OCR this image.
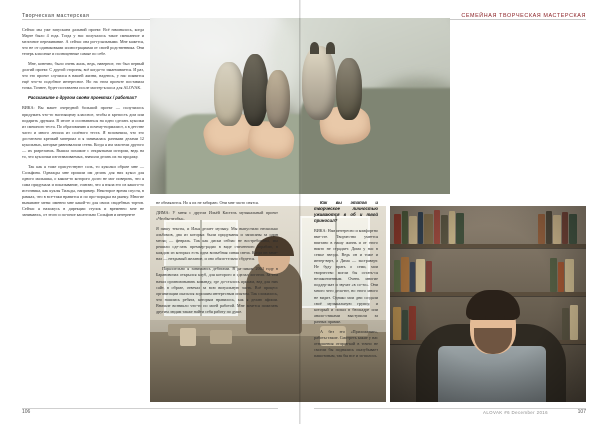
Творческая мастерская	СЕМЕЙНАЯ ТВОРЧЕСКАЯ МАСТЕРСКАЯ

Сейчас мы уже запускаем дальний проект. Всё начиналось, когда Марте было 4 года. Тогда у нас получалось такое смешанное и мелочное переживание. А сейчас она ри-гуляльными. Мне кажется, что не от одинаковыми иллюстрациями от своей родственника. Они теперь классные и полноценные самые по себе.

Мне, конечно, было очень жаль, ведь, наверное, это был первый долгий проект. С другой стороны, всё когда-то заканчивается. И раз, что это проект случился в нашей жизни, надеюсь, у нас появится ещё что-то подобное интересное. Но на этом проекте поставила точка. Точнее, будет поставлена после мастер-класса для ALOVAK.

Расскажите о другом своём проектах / работах?

ВИКА: Вы макет очередной большой проект — получилось придумать что-то настоящему классное, чтобы и крепость дом или подарить друзьям. В итоге и осознаваться на идеи сделать куколки из смешного теста. По образованию я почему-нормалист, а в детстве часто и много лепила из солёного теста. Я вспомнила, что это достаточно крепкий материал и я занималась разными делами 12 кукольных, которые равновалили стена. Когда я им захотели другого — их разрезаешь. Вышла похожие с открытками истории, ведь на то, что куклочки изготавливаемых, значили делать их на продажу.

Так как я тоже присутствуют соль, то куколки образе мне — Сольфина. Однажды мне пришли им делать для них кукол для одного малышка, о каком-то которого долго не мог поверить, что я сама придумала и показывание, считаю, что я взяла его из какого-то источника, как куклы Тильды, например. Некоторое время спустя, в рамках, что в все-таки нравится и по про-порядка на рынку. Многие вызывают меня: именно мне какой-то для своих свадебных тортов. Сейчас я нахожусь в дирекции ступок и временно мне не занимаюсь, от этого и по-иное касательно Сольфин и интернете

не обнаялится. Но я их не забираю. Они мне часто снятся.

ДИМА: У меня с другом Ильёй Кастель музыкальный проект «Чтобы-чтобы».

Я пишу тексты, и Илья делает музыку. Мы выпустили несколько альбомов, два из которых были придуманы и записаны за один месяц — февраль. Так как диски сейчас не востребованы, мы решили сде-лать премьер-радио в виде стиченного кораблю, в каждом из которых есть одна вопьебная синяя свеча. Когда он заме-нал — нездымый желание, и оно обяза-тельно сбудется.

Параллельно я занимаюсь дебатами. В ра-ликом 2004 году в Барановичах открылся клуб, для которого и сделал логотип. За-тем начал организовывать команду, где до-сталось ирисам, вед для них сайт, в образе, отвечал за всю визуальную часть. Всё процесс организации оказался хорошим интересным опытом. Так сложилось, что нашлись ребята, которым нравилось, как я делаю афиши. Вначале возникло что-то по моей работой. Мне хочется пожелать другим людям также найти себя работу по душе.

Как вы этапов и творческое личностью уживаются в об и твой приносил?

ВИКА: Нам интересно и комфортно вме-сте. Творчество умеется впитано в нашу жизнь и от этого никто не страдает. Дима у нас в семье звезда. Ведь он и тоже и интер-верт, а Дима — экстраверт. Не буду врать о семи, мои творчество могли бы остать-ся незаконченным. Очень многие поддер-жат и звучат «в со-то». Они много чего дела-ют, но этого много не видит. Однако мои дни создали своё музыкальную группу, и который и попал в бюскадре или анало-стиками выступили за разных прямке.

А без его «Приложение», работы такие. Смотреть какие у нас отношения отправ-кай в точно не смогли бы поднялись оказубывает пашотовым, так бы все и за-пилось.

106	ALOVAK #6 December 2016	107
